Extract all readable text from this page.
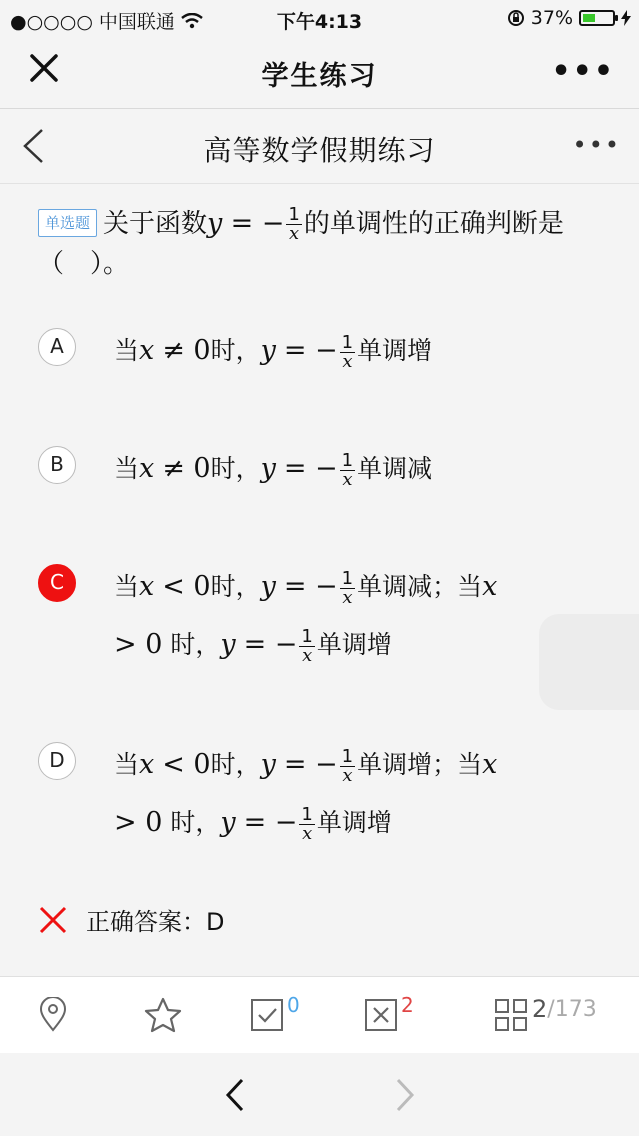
●○○○○ 中国联通	下午4:13	37%
学生练习	•••
高等数学假期练习	•••
单选题 关于函数y = − $\frac{1}{x}$ 的单调性的正确判断是（　）。
A	当x ≠ 0时，y = − $\frac{1}{x}$ 单调增
B	当x ≠ 0时，y = − $\frac{1}{x}$ 单调减
C	当x < 0时，y = − $\frac{1}{x}$ 单调减；当x
> 0 时，y = − $\frac{1}{x}$ 单调增
D	当x < 0时，y = − $\frac{1}{x}$ 单调增；当x
> 0 时，y = − $\frac{1}{x}$ 单调增
正确答案：D
0	2	2 /173
